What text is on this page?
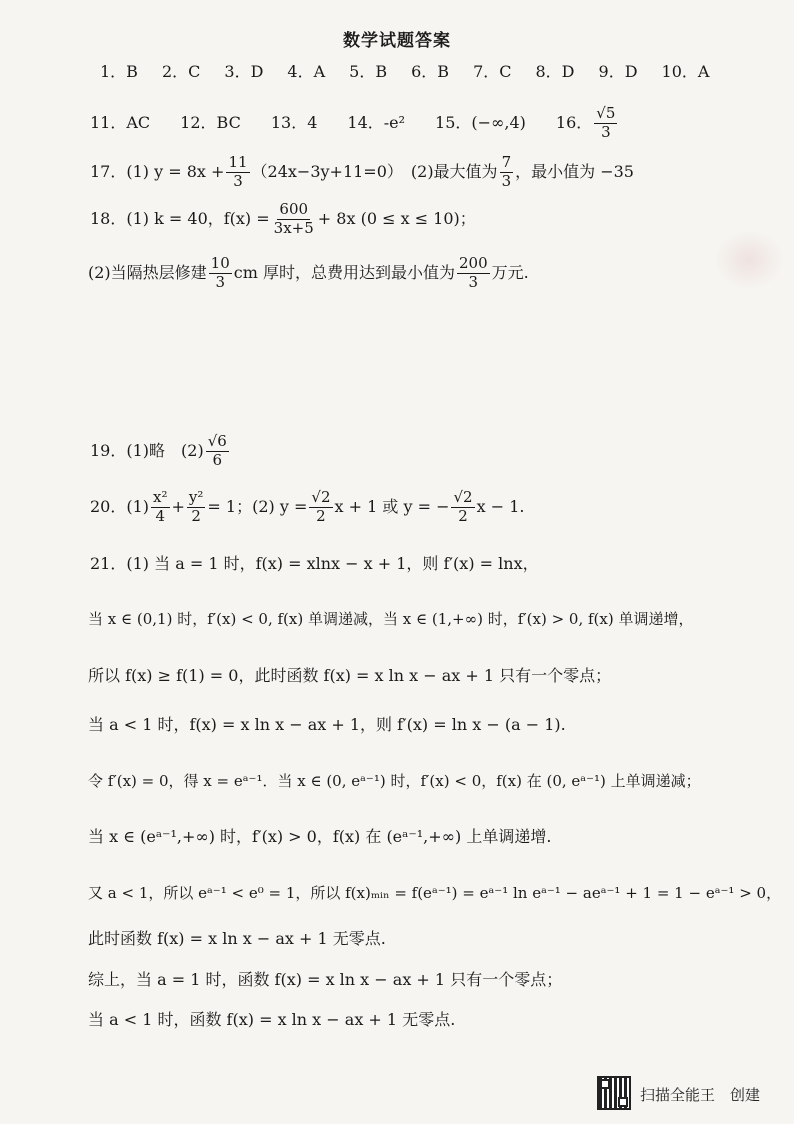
数学试题答案
1．B 2．C 3．D 4．A 5．B 6．B 7．C 8．D 9．D 10．A
11．AC 12．BC 13．4 14．-e² 15．(−∞,4) 16． $\frac{√5}{3}$
17．(1) $y = 8x + \frac{11}{3} (24x-3y+11=0)$　(2)最大值为 $\frac{7}{3}$ ，最小值为 −35
18．(1) k = 40，$f(x) = \frac{600}{3x+5} + 8x$ (0 ≤ x ≤ 10)；
(2)当隔热层修建 $\frac{10}{3}$ cm 厚时，总费用达到最小值为 $\frac{200}{3}$ 万元.
19．(1)略　$(2) \frac{√6}{6}$
20．$(1) \frac{\text{x²}}{4} + \frac{\text{y²}}{2} = 1$；(2) $y = \frac{√2}{2}$ x + 1 或 y = − $\frac{√2}{2}$ x − 1.
21．(1) 当 a = 1 时，f(x) = xlnx − x + 1，则 f′(x) = lnx，
当 x ∈ (0,1) 时，f′(x) < 0, f(x) 单调递减，当 x ∈ (1,+∞) 时，f′(x) > 0, f(x) 单调递增，
所以 f(x) ≥ f(1) = 0，此时函数 f(x) = x ln x − ax + 1 只有一个零点；
当 a < 1 时，f(x) = x ln x − ax + 1，则 f′(x) = ln x − (a − 1).
令 f′(x) = 0，得 x = eᵃ⁻¹．当 x ∈ (0, eᵃ⁻¹) 时，f′(x) < 0，f(x) 在 (0, eᵃ⁻¹) 上单调递减；
当 x ∈ (eᵃ⁻¹,+∞) 时，f′(x) > 0，f(x) 在 (eᵃ⁻¹,+∞) 上单调递增.
又 a < 1，所以 eᵃ⁻¹ < e⁰ = 1，所以 f(x)ₘᵢₙ = f(eᵃ⁻¹) = eᵃ⁻¹ ln eᵃ⁻¹ − aeᵃ⁻¹ + 1 = 1 − eᵃ⁻¹ > 0，
此时函数 f(x) = x ln x − ax + 1 无零点.
综上，当 a = 1 时，函数 f(x) = x ln x − ax + 1 只有一个零点；
当 a < 1 时，函数 f(x) = x ln x − ax + 1 无零点.
扫描全能王　创建
